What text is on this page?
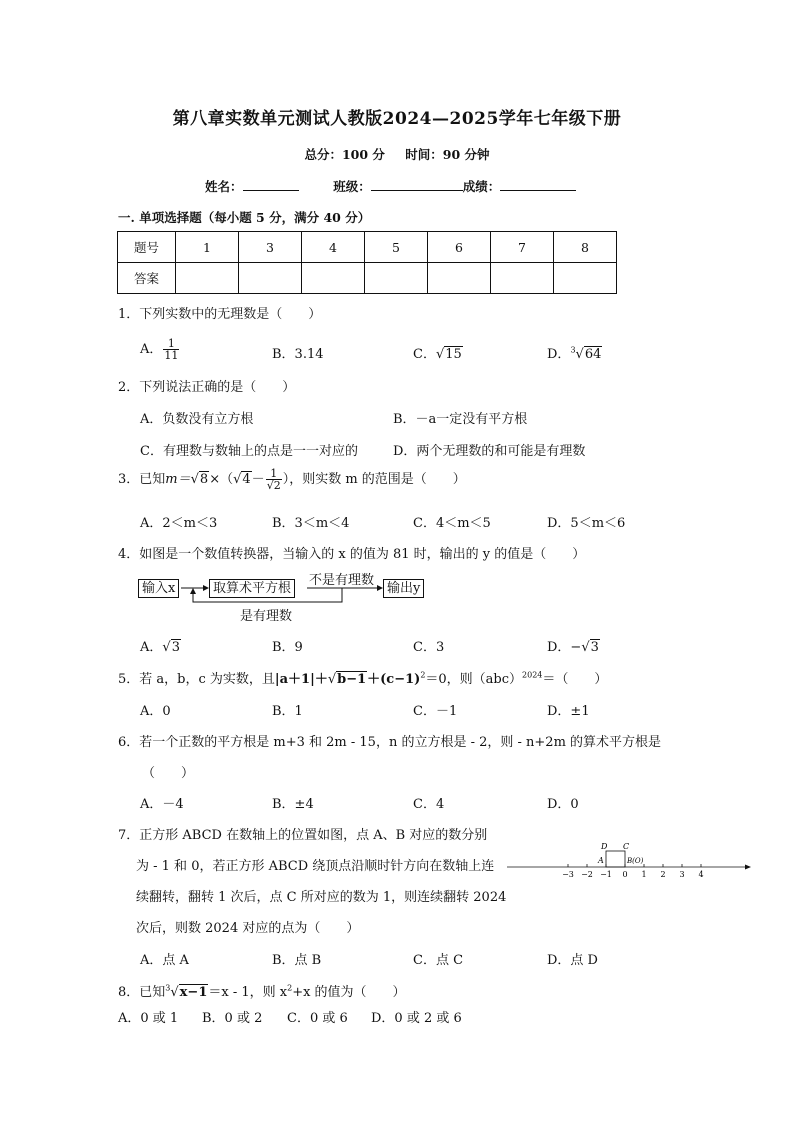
第八章实数单元测试人教版2024—2025学年七年级下册
总分：100 分 时间：90 分钟
姓名：	班级：	成绩：
一. 单项选择题（每小题 5 分，满分 40 分）
题号	1	3	4	5	6	7	8
答案							
1．下列实数中的无理数是（　　）
A． $\frac{1}{11}$	B．3.14	C．√15	D．$^3$√64
2．下列说法正确的是（　　）
A．负数没有立方根	B．－a一定没有平方根
C．有理数与数轴上的点是一一对应的	D．两个无理数的和可能是有理数
3．已知$m=√8\times(√4- \frac{1}{√2}$ ），则实数 m 的范围是（　　）
A．2＜m＜3	B．3＜m＜4	C．4＜m＜5	D．5＜m＜6
4．如图是一个数值转换器，当输入的 x 的值为 81 时，输出的 y 的值是（　　）
输入x	取算术平方根	输出y
不是有理数
是有理数
A．√3	B．9	C．3	D．−√3
5．若 a，b，c 为实数，且$|a+1|+√b-1+(c-1)^2=0$，则（abc）$^{2024}$＝（　　）
A．0	B．1	C．－1	D．±1
6．若一个正数的平方根是 m+3 和 2m - 15，n 的立方根是 - 2，则 - n+2m 的算术平方根是
（　　）
A．－4	B．±4	C．4	D．0
7．正方形 ABCD 在数轴上的位置如图，点 A、B 对应的数分别
为 - 1 和 0，若正方形 ABCD 绕顶点沿顺时针方向在数轴上连
续翻转，翻转 1 次后，点 C 所对应的数为 1，则连续翻转 2024
次后，则数 2024 对应的点为（　　）
−3 −2 −1 0 1 2 3 4
A	B(O)
D C
A．点 A	B．点 B	C．点 C	D．点 D
8．已知$^3$√x−1＝x - 1，则 $x^2+x$ 的值为（　　）
A．0 或 1 B．0 或 2 C．0 或 6 D．0 或 2 或 6
